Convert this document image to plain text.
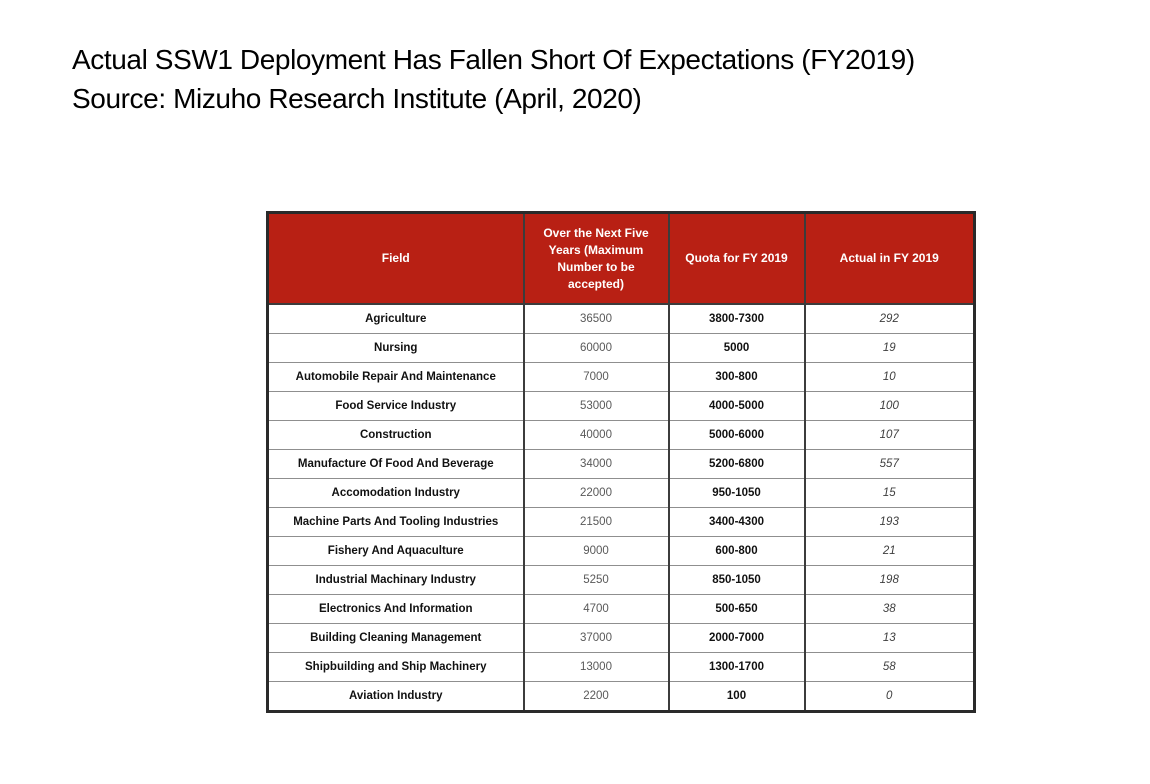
Actual SSW1 Deployment Has Fallen Short Of Expectations (FY2019)
Source: Mizuho Research Institute (April, 2020)
Field	Over the Next Five Years (Maximum Number to be accepted)	Quota for FY 2019	Actual in FY 2019
Agriculture	36500	3800-7300	292
Nursing	60000	5000	19
Automobile Repair And Maintenance	7000	300-800	10
Food Service Industry	53000	4000-5000	100
Construction	40000	5000-6000	107
Manufacture Of Food And Beverage	34000	5200-6800	557
Accomodation Industry	22000	950-1050	15
Machine Parts And Tooling Industries	21500	3400-4300	193
Fishery And Aquaculture	9000	600-800	21
Industrial Machinary Industry	5250	850-1050	198
Electronics And Information	4700	500-650	38
Building Cleaning Management	37000	2000-7000	13
Shipbuilding and Ship Machinery	13000	1300-1700	58
Aviation Industry	2200	100	0
